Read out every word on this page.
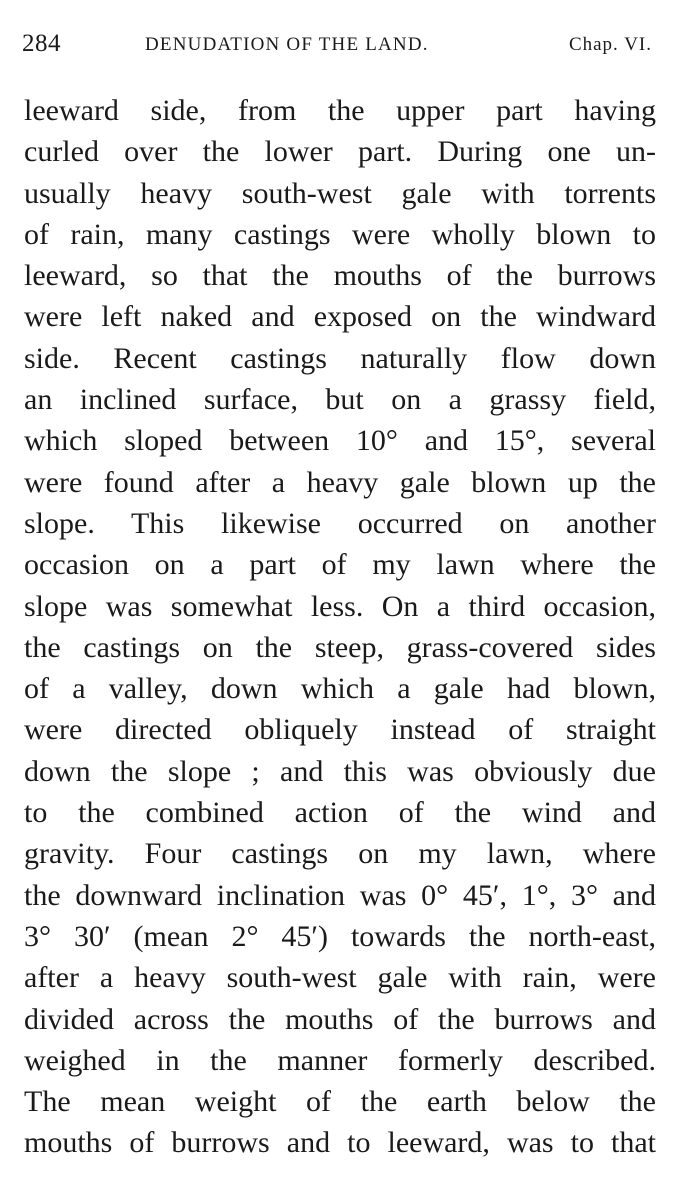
284	DENUDATION OF THE LAND.	Chap. VI.
leeward side, from the upper part having
curled over the lower part. During one un-
usually heavy south-west gale with torrents
of rain, many castings were wholly blown to
leeward, so that the mouths of the burrows
were left naked and exposed on the windward
side. Recent castings naturally flow down
an inclined surface, but on a grassy field,
which sloped between 10° and 15°, several
were found after a heavy gale blown up the
slope. This likewise occurred on another
occasion on a part of my lawn where the
slope was somewhat less. On a third occasion,
the castings on the steep, grass-covered sides
of a valley, down which a gale had blown,
were directed obliquely instead of straight
down the slope ; and this was obviously due
to the combined action of the wind and
gravity. Four castings on my lawn, where
the downward inclination was 0° 45′, 1°, 3° and
3° 30′ (mean 2° 45′) towards the north-east,
after a heavy south-west gale with rain, were
divided across the mouths of the burrows and
weighed in the manner formerly described.
The mean weight of the earth below the
mouths of burrows and to leeward, was to that
